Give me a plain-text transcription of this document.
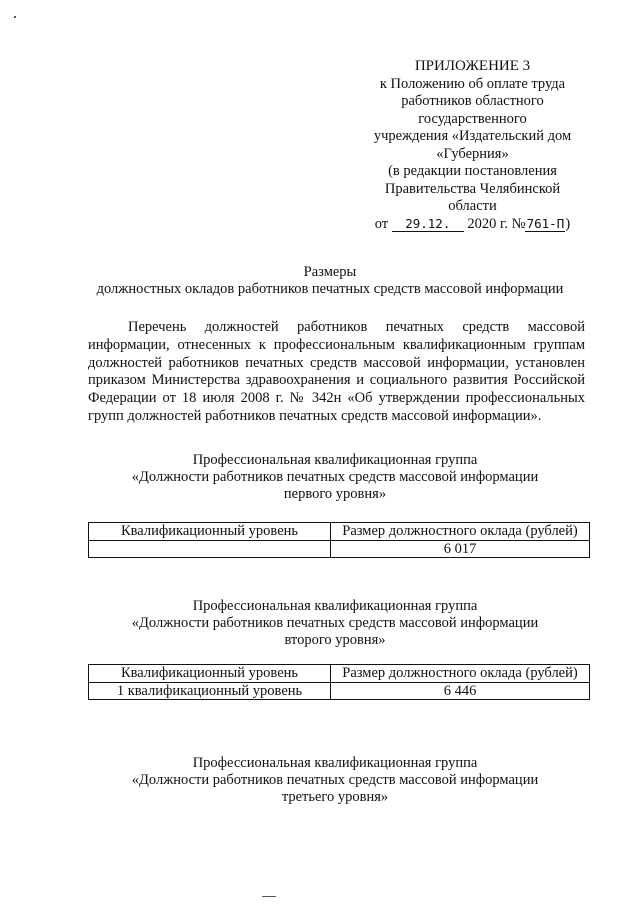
ПРИЛОЖЕНИЕ 3
к Положению об оплате труда
работников областного
государственного
учреждения «Издательский дом
«Губерния»
(в редакции постановления
Правительства Челябинской
области
от 29.12. 2020 г. №761-П)
Размеры
должностных окладов работников печатных средств массовой информации
Перечень должностей работников печатных средств массовой информации, отнесенных к профессиональным квалификационным группам должностей работников печатных средств массовой информации, установлен приказом Министерства здравоохранения и социального развития Российской Федерации от 18 июля 2008 г. № 342н «Об утверждении профессиональных групп должностей работников печатных средств массовой информации».
Профессиональная квалификационная группа
«Должности работников печатных средств массовой информации
первого уровня»
Квалификационный уровень	Размер должностного оклада (рублей)
	6 017
Профессиональная квалификационная группа
«Должности работников печатных средств массовой информации
второго уровня»
Квалификационный уровень	Размер должностного оклада (рублей)
1 квалификационный уровень	6 446
Профессиональная квалификационная группа
«Должности работников печатных средств массовой информации
третьего уровня»
